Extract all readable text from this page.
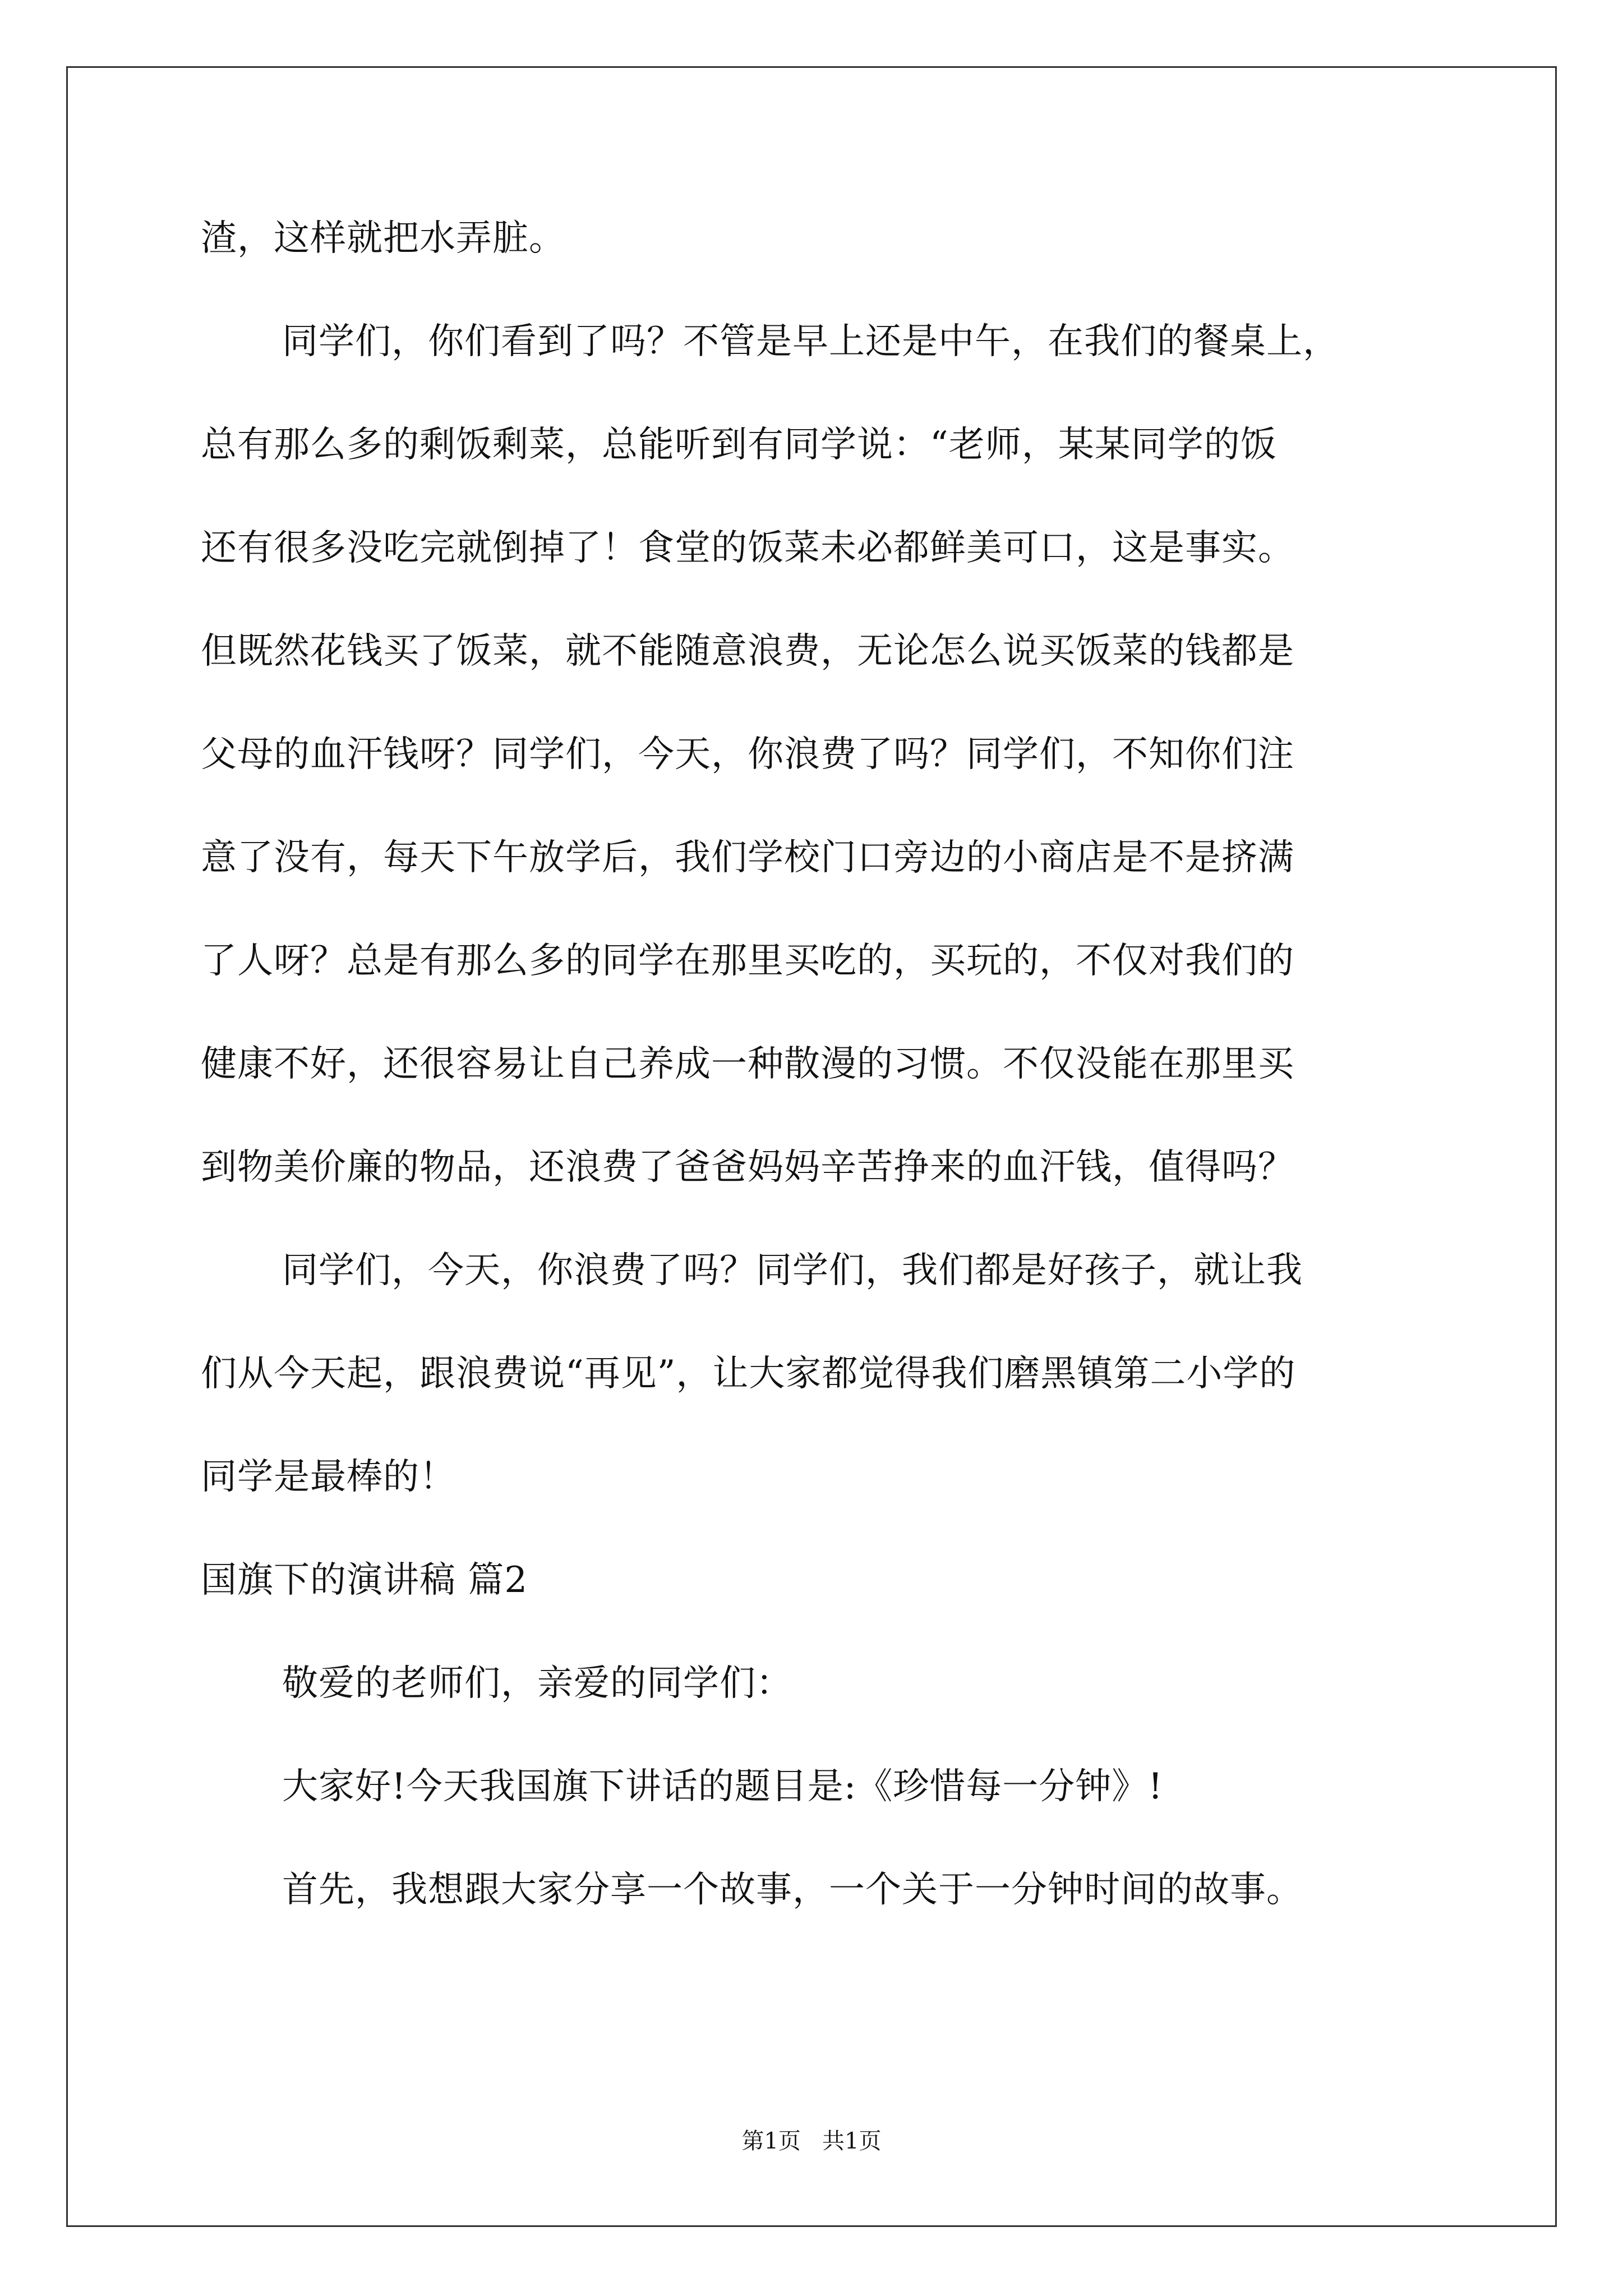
渣，这样就把水弄脏。
同学们，你们看到了吗？不管是早上还是中午，在我们的餐桌上，
总有那么多的剩饭剩菜，总能听到有同学说：“老师，某某同学的饭
还有很多没吃完就倒掉了！食堂的饭菜未必都鲜美可口，这是事实。
但既然花钱买了饭菜，就不能随意浪费，无论怎么说买饭菜的钱都是
父母的血汗钱呀？同学们，今天，你浪费了吗？同学们，不知你们注
意了没有，每天下午放学后，我们学校门口旁边的小商店是不是挤满
了人呀？总是有那么多的同学在那里买吃的，买玩的，不仅对我们的
健康不好，还很容易让自己养成一种散漫的习惯。不仅没能在那里买
到物美价廉的物品，还浪费了爸爸妈妈辛苦挣来的血汗钱，值得吗？
同学们，今天，你浪费了吗？同学们，我们都是好孩子，就让我
们从今天起，跟浪费说“再见”，让大家都觉得我们磨黑镇第二小学的
同学是最棒的！
国旗下的演讲稿 篇2
敬爱的老师们，亲爱的同学们：
大家好!今天我国旗下讲话的题目是:《珍惜每一分钟》!
首先，我想跟大家分享一个故事，一个关于一分钟时间的故事。
第1页   共1页
